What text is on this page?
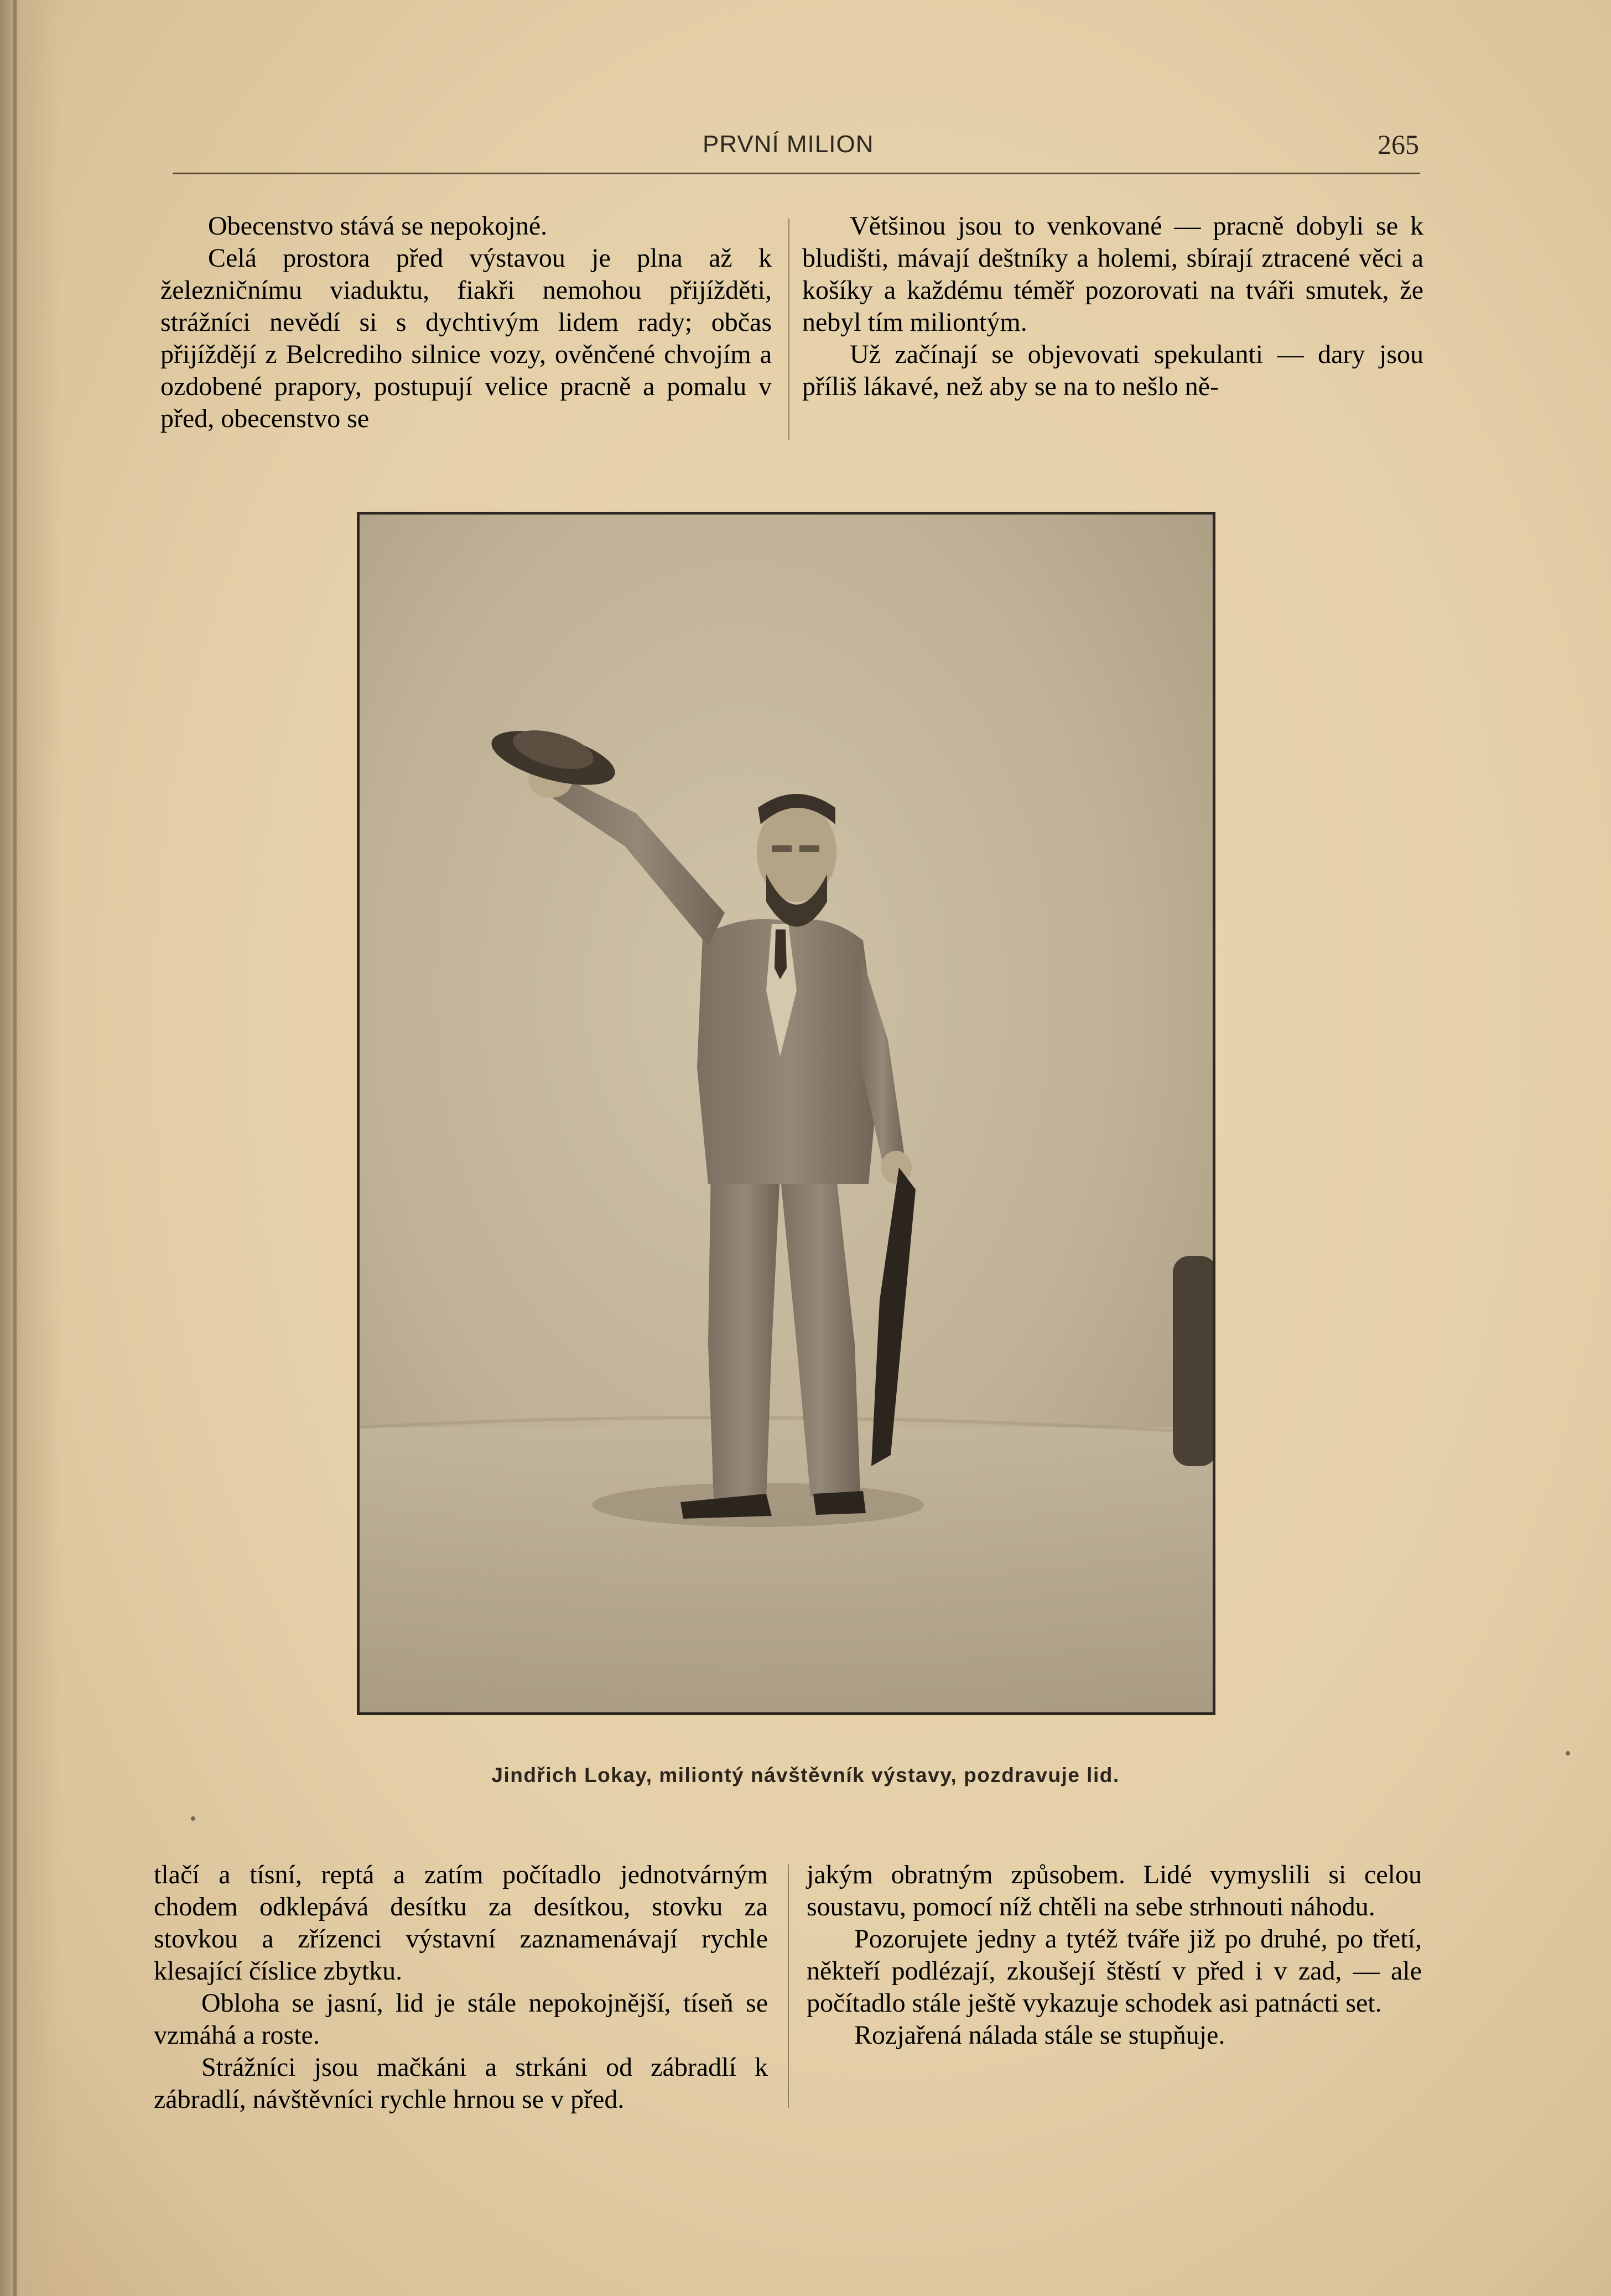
PRVNÍ MILION	265

Obecenstvo stává se nepokojné.

Celá prostora před výstavou je plna až k železničnímu viaduktu, fiakři nemohou přijížděti, strážníci nevědí si s dychtivým lidem rady; občas přijíždějí z Belcrediho silnice vozy, ověnčené chvojím a ozdobené prapory, postupují velice pracně a pomalu v před, obecenstvo se

Většinou jsou to venkované — pracně dobyli se k bludišti, mávají deštníky a holemi, sbírají ztracené věci a košíky a každému téměř pozorovati na tváři smutek, že nebyl tím miliontým.

Už začínají se objevovati spekulanti — dary jsou příliš lákavé, než aby se na to nešlo ně-

Jindřich Lokay, miliontý návštěvník výstavy, pozdravuje lid.

tlačí a tísní, reptá a zatím počítadlo jednotvárným chodem odklepává desítku za desítkou, stovku za stovkou a zřízenci výstavní zaznamenávají rychle klesající číslice zbytku.

Obloha se jasní, lid je stále nepokojnější, tíseň se vzmáhá a roste.

Strážníci jsou mačkáni a strkáni od zábradlí k zábradlí, návštěvníci rychle hrnou se v před.

jakým obratným způsobem. Lidé vymyslili si celou soustavu, pomocí níž chtěli na sebe strhnouti náhodu.

Pozorujete jedny a tytéž tváře již po druhé, po třetí, někteří podlézají, zkoušejí štěstí v před i v zad, — ale počítadlo stále ještě vykazuje schodek asi patnácti set.

Rozjařená nálada stále se stupňuje.
